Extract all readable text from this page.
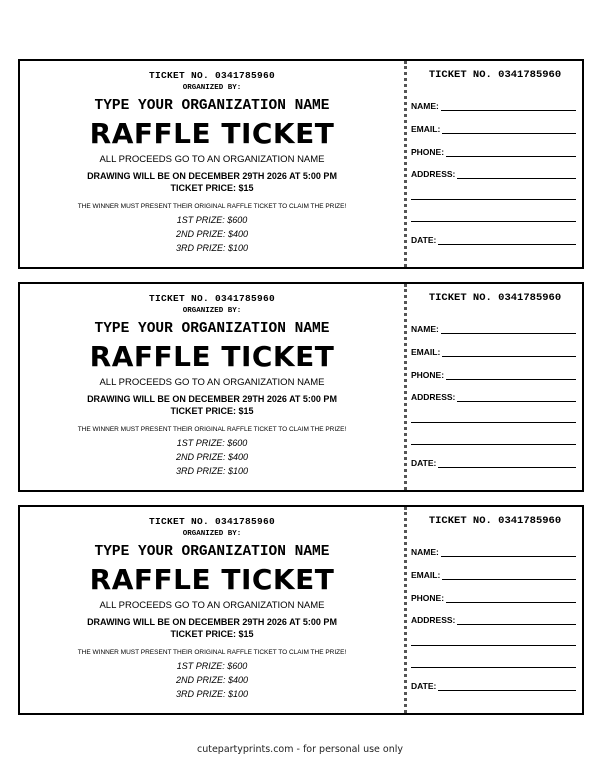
TICKET NO. 0341785960
ORGANIZED BY:
TYPE YOUR ORGANIZATION NAME
RAFFLE TICKET
ALL PROCEEDS GO TO AN ORGANIZATION NAME
DRAWING WILL BE ON DECEMBER 29TH 2026 AT 5:00 PM
TICKET PRICE: $15
THE WINNER MUST PRESENT THEIR ORIGINAL RAFFLE TICKET TO CLAIM THE PRIZE!
1ST PRIZE: $600
2ND PRIZE: $400
3RD PRIZE: $100
TICKET NO. 0341785960
NAME:
EMAIL:
PHONE:
ADDRESS:
DATE:
TICKET NO. 0341785960
ORGANIZED BY:
TYPE YOUR ORGANIZATION NAME
RAFFLE TICKET
ALL PROCEEDS GO TO AN ORGANIZATION NAME
DRAWING WILL BE ON DECEMBER 29TH 2026 AT 5:00 PM
TICKET PRICE: $15
THE WINNER MUST PRESENT THEIR ORIGINAL RAFFLE TICKET TO CLAIM THE PRIZE!
1ST PRIZE: $600
2ND PRIZE: $400
3RD PRIZE: $100
TICKET NO. 0341785960
NAME:
EMAIL:
PHONE:
ADDRESS:
DATE:
TICKET NO. 0341785960
ORGANIZED BY:
TYPE YOUR ORGANIZATION NAME
RAFFLE TICKET
ALL PROCEEDS GO TO AN ORGANIZATION NAME
DRAWING WILL BE ON DECEMBER 29TH 2026 AT 5:00 PM
TICKET PRICE: $15
THE WINNER MUST PRESENT THEIR ORIGINAL RAFFLE TICKET TO CLAIM THE PRIZE!
1ST PRIZE: $600
2ND PRIZE: $400
3RD PRIZE: $100
TICKET NO. 0341785960
NAME:
EMAIL:
PHONE:
ADDRESS:
DATE:
cutepartyprints.com - for personal use only
